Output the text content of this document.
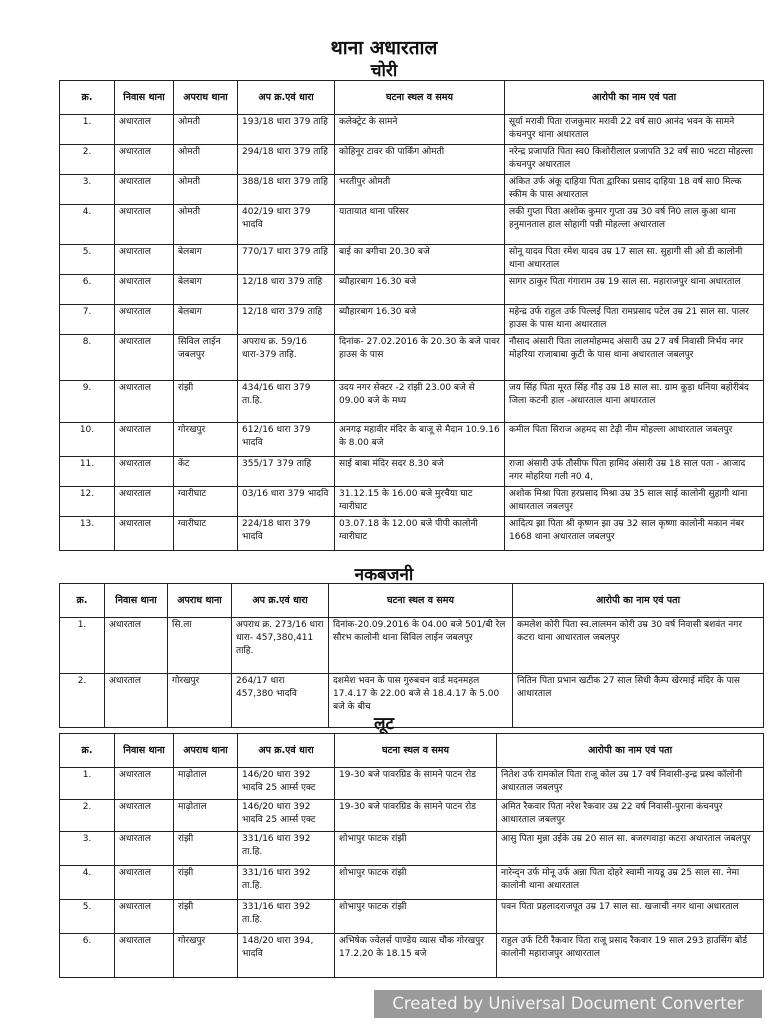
थाना अधारताल
चोरी
क्र.	निवास थाना	अपराध थाना	अप क्र.एवं धारा	घटना स्थल व समय	आरोपी का नाम एवं पता
1.	अधारताल	ओमती	193/18 धारा 379 ताहि	कलेक्ट्रेट के सामने	सूर्या मरावी पिता राजकुमार मरावी 22 वर्ष सा0 आनंद भवन के सामने कंचनपुर थाना अधारताल
2.	अधारताल	ओमती	294/18 धारा 379 ताहि	कोहिनूर टावर की पार्किंग ओमती	नरेन्द्र प्रजापति पिता स्व0 किशोरीलाल प्रजापति 32 वर्ष सा0 भटटा मोहल्ला कंचनपुर अधारताल
3.	अधारताल	ओमती	388/18 धारा 379 ताहि	भरतीपुर ओमती	अंकित उर्फ अंकू दाहिया पिता द्वारिका प्रसाद दाहिया 18 वर्ष सा0 मिल्क स्कीम के पास अधारताल
4.	अधारताल	ओमती	402/19 धारा 379 भादवि	यातायात थाना परिसर	लकी गुप्ता पिता अशोक कुमार गुप्ता उम्र 30 वर्ष नि0 लाल कुआ थाना हनुमानताल हाल सोहागी पन्नी मोहल्ला अधारताल
5.	अधारताल	बेलबाग	770/17 धारा 379 ताहि	बाई का बगीचा 20.30 बजे	सोनू यादव पिता रमेश यादव उम्र 17 साल सा. सुहागी सी ओ डी कालोनी थाना अधारताल
6.	अधारताल	बेलबाग	12/18 धारा 379 ताहि	ब्यौहारबाग 16.30 बजे	सागर ठाकुर पिता गंगाराम उम्र 19 साल सा. महाराजपुर थाना अधारताल
7.	अधारताल	बेलबाग	12/18 धारा 379 ताहि	ब्यौहारबाग 16.30 बजे	महेन्द्र उर्फ राहुल उर्फ पिल्लई पिता रामप्रसाद पटेल उम्र 21 साल सा. पालर हाउस के पास थाना अधारताल
8.	अधारताल	सिविल लाईन जबलपुर	अपराध क्र. 59/16 धारा-379 ताहि.	दिनांक- 27.02.2016 के 20.30 के बजे पावर हाउस के पास	नौसाद अंसारी पिता लालमोहम्मद अंसारी उम्र 27 वर्ष निवासी निर्भय नगर मोहरिया राजाबाबा कुटी के पास थाना अधारताल जबलपुर
9.	अधारताल	रांझी	434/16 धारा 379 ता.हि.	उदय नगर सेक्टर -2 रांझी 23.00 बजे से 09.00 बजे के मध्य	जय सिंह पिता मूरत सिंह गौड़ उम्र 18 साल सा. ग्राम कूड़ा धनिया बहोरीबंद जिला कटनी हाल -अधारताल थाना अधारताल
10.	अधारताल	गोरखपुर	612/16 धारा 379 भादवि	अनगढ़ महावीर मंदिर के बाजू से मैदान 10.9.16 के 8.00 बजे	कमील पिता सिराज अहमद सा टेढ़ी नीम मोहल्ला आधारताल जबलपुर
11.	अधारताल	केंट	355/17 379 ताहि	साई बाबा मंदिर सदर 8.30 बजे	राजा अंसारी उर्फ तौसीफ पिता हामिद अंसारी उम्र 18 साल पता - आजाद नगर मोहरिया गली न0 4,
12.	अधारताल	ग्वारीघाट	03/16 धारा 379 भादवि	31.12.15 के 16.00 बजे मुरचैया घाट ग्वारीघाट	अशोक मिश्रा पिता हरप्रसाद मिश्रा उम्र 35 साल साई कालोनी सुहागी थाना आधारताल जबलपुर
13.	अधारताल	ग्वारीघाट	224/18 धारा 379 भादवि	03.07.18 के 12.00 बजे पीपी कालोनी ग्वारीघाट	आदित्य झा पिता श्री कृष्णन झा उम्र 32 साल कृष्णा कालोनी मकान नंबर 1668 थाना अधारताल जबलपुर
नकबजनी
क्र.	निवास थाना	अपराध थाना	अप क्र.एवं धारा	घटना स्थल व समय	आरोपी का नाम एवं पता
1.	अधारताल	सि.ला	अपराध क्र. 273/16 धारा धारा- 457,380,411 ताहि.	दिनांक-20.09.2016 के 04.00 बजे 501/बी रेल सौरभ कालोनी थाना सिविल लाईन जबलपुर	कमलेश कोरी पिता स्व.लालमन कोरी उम्र 30 वर्ष निवासी बशवंत नगर कटरा थाना आधारताल जबलपुर
2.	अधारताल	गोरखपुर	264/17 धारा 457,380 भादवि	दशमेश भवन के पास गुरुबचन वार्ड मदनमहल 17.4.17 के 22.00 बजे से 18.4.17 के 5.00 बजे के बीच	नितिन पिता प्रभान खटीक 27 साल सिधी कैम्प खेरमाई मंदिर के पास आधारताल
लूट
क्र.	निवास थाना	अपराध थाना	अप क्र.एवं धारा	घटना स्थल व समय	आरोपी का नाम एवं पता
1.	अधारताल	माढ़ोताल	146/20 धारा 392 भादवि 25 आर्म्स एक्ट	19-30 बजे पावरग्रिड के सामने पाटन रोड	नितेश उर्फ रामकोल पिता राजू कोल उम्र 17 वर्ष निवासी-इन्द्र प्रस्थ कॉलोनी अधारताल जबलपुर
2.	अधारताल	माढ़ोताल	146/20 धारा 392 भादवि 25 आर्म्स एक्ट	19-30 बजे पावरग्रिड के सामने पाटन रोड	अमित रैकवार पिता नरेश रैकवार उम्र 22 वर्ष निवासी-पुराना कंचनपुर आधारताल जबलपुर
3.	अधारताल	रांझी	331/16 धारा 392 ता.हि.	शोभापुर फाटक रांझी	आसु पिता मुन्ना उईके उम्र 20 साल सा. बजरगवाड़ा कटरा अधारताल जबलपुर
4.	अधारताल	रांझी	331/16 धारा 392 ता.हि.	शोभापुर फाटक रांझी	नारेन्द्न उर्फ मोनू उर्फ अन्ना पिता दोहरे स्वामी नायडू उम्र 25 साल सा. नेमा कालोनी थाना अधारताल
5.	अधारताल	रांझी	331/16 धारा 392 ता.हि.	शोभापुर फाटक रांझी	पवन पिता प्रहलादराजपूत उम्र 17 साल सा. खजाची नगर थाना अधारताल
6.	अधारताल	गोरखपुर	148/20 धारा 394, भादवि	अभिषेक ज्वेलर्स पाण्डेय व्यास चौक गोरखपुर 17.2.20 के 18.15 बजे	राहुल उर्फ टिरी रैकवार पिता राजू प्रसाद रैकवार 19 साल 293 हाउसिंग बोर्ड कालोनी महाराजपुर आधारताल
Created by Universal Document Converter
